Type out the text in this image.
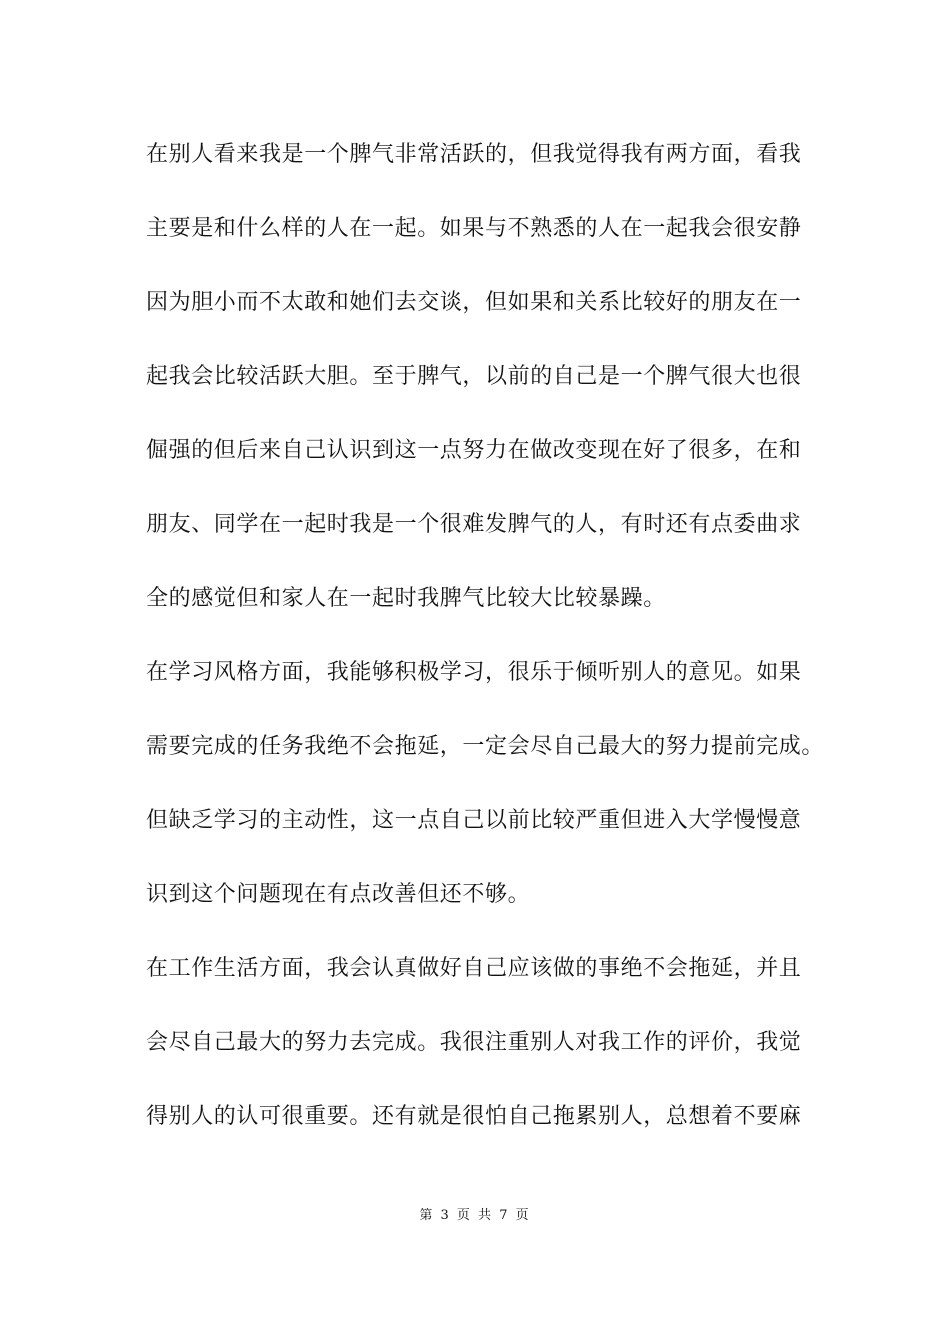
在别人看来我是一个脾气非常活跃的，但我觉得我有两方面，看我
主要是和什么样的人在一起。如果与不熟悉的人在一起我会很安静
因为胆小而不太敢和她们去交谈，但如果和关系比较好的朋友在一
起我会比较活跃大胆。至于脾气，以前的自己是一个脾气很大也很
倔强的但后来自己认识到这一点努力在做改变现在好了很多，在和
朋友、同学在一起时我是一个很难发脾气的人，有时还有点委曲求
全的感觉但和家人在一起时我脾气比较大比较暴躁。
在学习风格方面，我能够积极学习，很乐于倾听别人的意见。如果
需要完成的任务我绝不会拖延，一定会尽自己最大的努力提前完成。
但缺乏学习的主动性，这一点自己以前比较严重但进入大学慢慢意
识到这个问题现在有点改善但还不够。
在工作生活方面，我会认真做好自己应该做的事绝不会拖延，并且
会尽自己最大的努力去完成。我很注重别人对我工作的评价，我觉
得别人的认可很重要。还有就是很怕自己拖累别人，总想着不要麻
第 3 页 共 7 页
